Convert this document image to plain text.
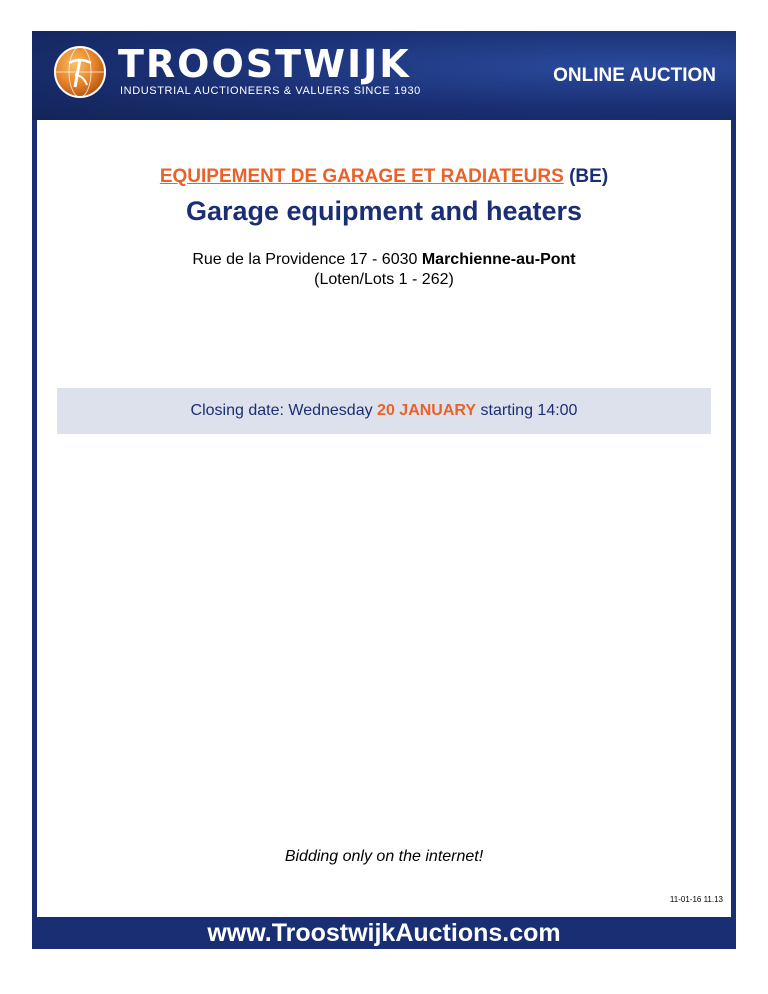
TROOSTWIJK
INDUSTRIAL AUCTIONEERS & VALUERS SINCE 1930
ONLINE AUCTION
EQUIPEMENT DE GARAGE ET RADIATEURS (BE)
Garage equipment and heaters
Rue de la Providence 17 - 6030 Marchienne-au-Pont
(Loten/Lots 1 - 262)
Closing date: Wednesday 20 JANUARY starting 14:00
Bidding only on the internet!
11-01-16 11.13
www.TroostwijkAuctions.com
